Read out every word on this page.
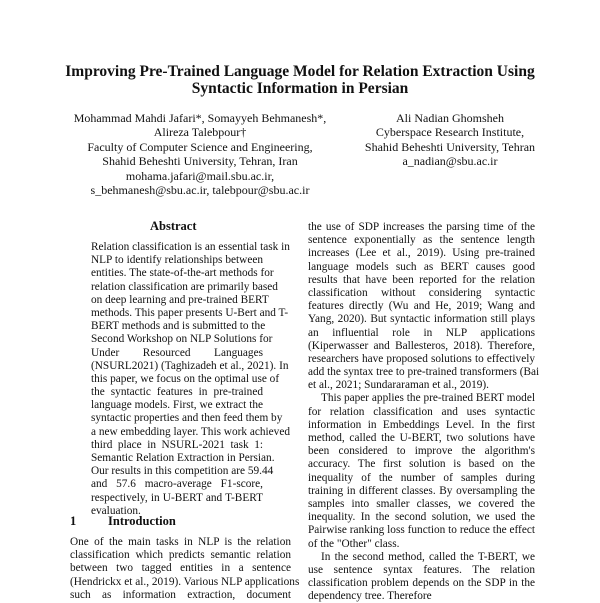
Improving Pre-Trained Language Model for Relation Extraction Using
Syntactic Information in Persian
Mohammad Mahdi Jafari*, Somayyeh Behmanesh*,
Alireza Talebpour†
Faculty of Computer Science and Engineering,
Shahid Beheshti University, Tehran, Iran
mohama.jafari@mail.sbu.ac.ir,
s_behmanesh@sbu.ac.ir, talebpour@sbu.ac.ir
Ali Nadian Ghomsheh
Cyberspace Research Institute,
Shahid Beheshti University, Tehran
a_nadian@sbu.ac.ir
Abstract
Relation classification is an essential task in
NLP to identify relationships between
entities. The state-of-the-art methods for
relation classification are primarily based
on deep learning and pre-trained BERT
methods. This paper presents U-Bert and T-
BERT methods and is submitted to the
Second Workshop on NLP Solutions for
Under Resourced Languages
(NSURL2021) (Taghizadeh et al., 2021). In
this paper, we focus on the optimal use of
the syntactic features in pre-trained
language models. First, we extract the
syntactic properties and then feed them by
a new embedding layer. This work achieved
third place in NSURL-2021 task 1:
Semantic Relation Extraction in Persian.
Our results in this competition are 59.44
and 57.6 macro-average F1-score,
respectively, in U-BERT and T-BERT
evaluation.
1	Introduction
One of the main tasks in NLP is the relation
classification which predicts semantic relation
between two tagged entities in a sentence
(Hendrickx et al., 2019). Various NLP applications
such as information extraction, document
the use of SDP increases the parsing time of the
sentence exponentially as the sentence length
increases (Lee et al., 2019). Using pre-trained
language models such as BERT causes good
results that have been reported for the relation
classification without considering syntactic
features directly (Wu and He, 2019; Wang and
Yang, 2020). But syntactic information still plays
an influential role in NLP applications
(Kiperwasser and Ballesteros, 2018). Therefore,
researchers have proposed solutions to effectively
add the syntax tree to pre-trained transformers (Bai
et al., 2021; Sundararaman et al., 2019).
This paper applies the pre-trained BERT model
for relation classification and uses syntactic
information in Embeddings Level. In the first
method, called the U-BERT, two solutions have
been considered to improve the algorithm's
accuracy. The first solution is based on the
inequality of the number of samples during
training in different classes. By oversampling the
samples into smaller classes, we covered the
inequality. In the second solution, we used the
Pairwise ranking loss function to reduce the effect
of the "Other" class.
In the second method, called the T-BERT, we
use sentence syntax features. The relation
classification problem depends on the SDP in the
dependency tree. Therefore
